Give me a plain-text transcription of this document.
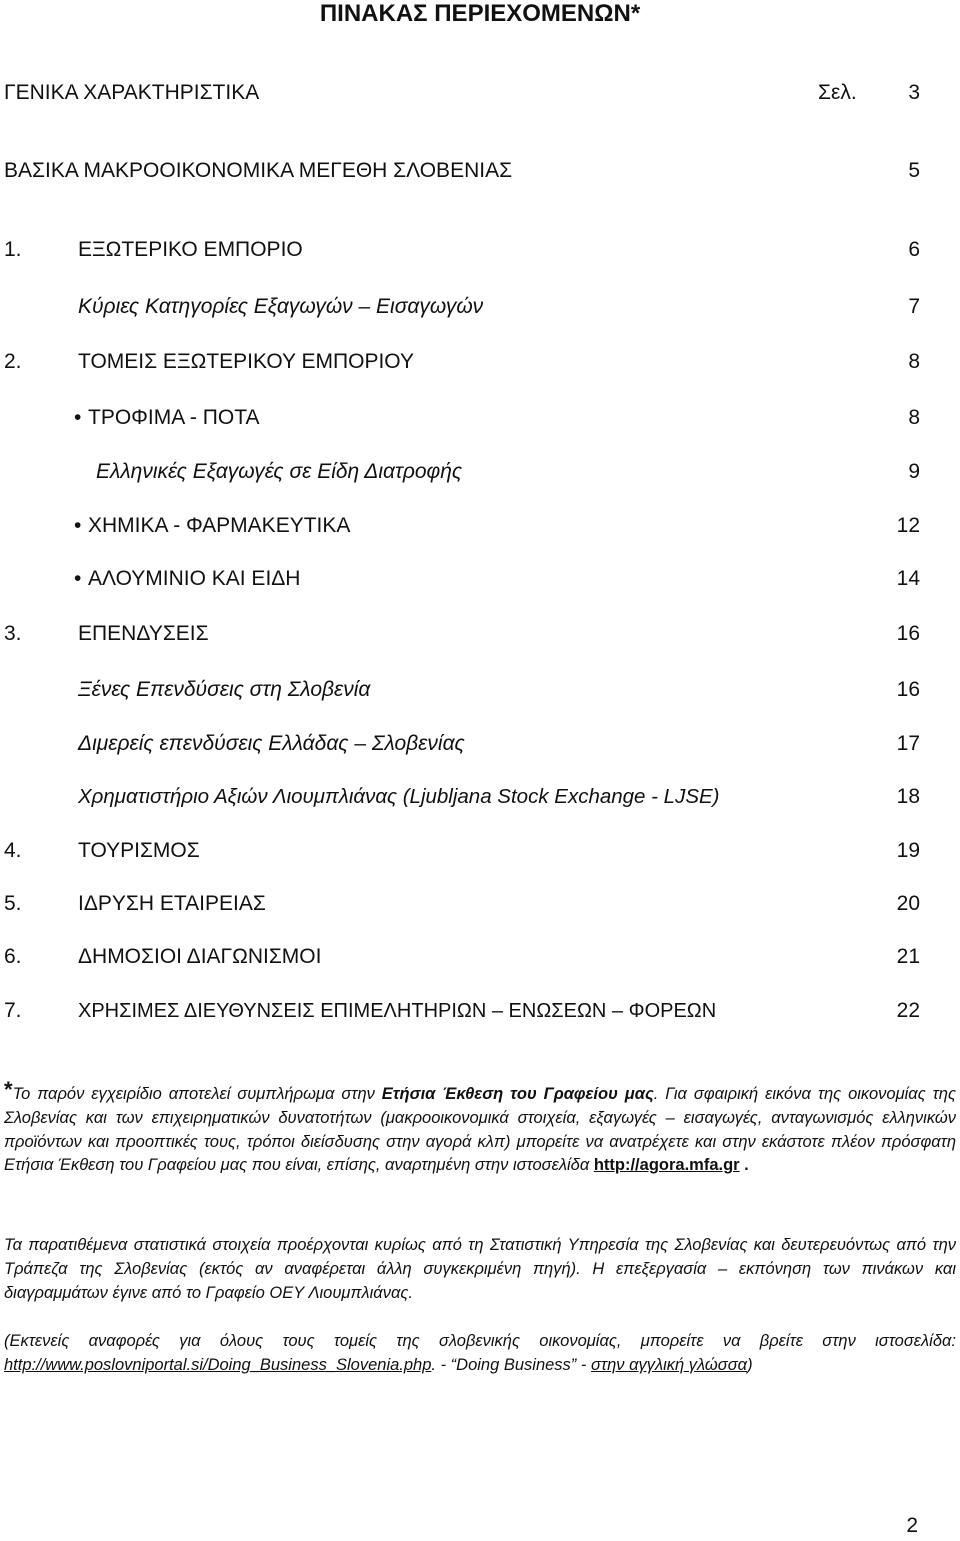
ΠΙΝΑΚΑΣ ΠΕΡΙΕΧΟΜΕΝΩΝ*
ΓΕΝΙΚΑ ΧΑΡΑΚΤΗΡΙΣΤΙΚΑ	Σελ. 3
ΒΑΣΙΚΑ ΜΑΚΡΟΟΙΚΟΝΟΜΙΚΑ ΜΕΓΕΘΗ ΣΛΟΒΕΝΙΑΣ	5
1.	ΕΞΩΤΕΡΙΚΟ ΕΜΠΟΡΙΟ	6
Κύριες Κατηγορίες Εξαγωγών – Εισαγωγών	7
2.	ΤΟΜΕΙΣ ΕΞΩΤΕΡΙΚΟΥ ΕΜΠΟΡΙΟΥ	8
• ΤΡΟΦΙΜΑ - ΠΟΤΑ	8
Ελληνικές Εξαγωγές σε Είδη Διατροφής	9
• ΧΗΜΙΚΑ - ΦΑΡΜΑΚΕΥΤΙΚΑ	12
• ΑΛΟΥΜΙΝΙΟ ΚΑΙ ΕΙΔΗ	14
3.	ΕΠΕΝΔΥΣΕΙΣ	16
Ξένες Επενδύσεις στη Σλοβενία	16
Διμερείς επενδύσεις Ελλάδας – Σλοβενίας	17
Χρηματιστήριο Αξιών Λιουμπλιάνας (Ljubljana Stock Exchange - LJSE)	18
4.	ΤΟΥΡΙΣΜΟΣ	19
5.	ΙΔΡΥΣΗ ΕΤΑΙΡΕΙΑΣ	20
6.	ΔΗΜΟΣΙΟΙ ΔΙΑΓΩΝΙΣΜΟΙ	21
7.	ΧΡΗΣΙΜΕΣ ΔΙΕΥΘΥΝΣΕΙΣ ΕΠΙΜΕΛΗΤΗΡΙΩΝ – ΕΝΩΣΕΩΝ – ΦΟΡΕΩΝ	22

*Το παρόν εγχειρίδιο αποτελεί συμπλήρωμα στην Ετήσια Έκθεση του Γραφείου μας. Για σφαιρική εικόνα της οικονομίας της Σλοβενίας και των επιχειρηματικών δυνατοτήτων (μακροοικονομικά στοιχεία, εξαγωγές – εισαγωγές, ανταγωνισμός ελληνικών προϊόντων και προοπτικές τους, τρόποι διείσδυσης στην αγορά κλπ) μπορείτε να ανατρέχετε και στην εκάστοτε πλέον πρόσφατη Ετήσια Έκθεση του Γραφείου μας που είναι, επίσης, αναρτημένη στην ιστοσελίδα http://agora.mfa.gr .

Τα παρατιθέμενα στατιστικά στοιχεία προέρχονται κυρίως από τη Στατιστική Υπηρεσία της Σλοβενίας και δευτερευόντως από την Τράπεζα της Σλοβενίας (εκτός αν αναφέρεται άλλη συγκεκριμένη πηγή). Η επεξεργασία – εκπόνηση των πινάκων και διαγραμμάτων έγινε από το Γραφείο ΟΕΥ Λιουμπλιάνας.

(Εκτενείς αναφορές για όλους τους τομείς της σλοβενικής οικονομίας, μπορείτε να βρείτε στην ιστοσελίδα: http://www.poslovniportal.si/Doing_Business_Slovenia.php. - “Doing Business” - στην αγγλική γλώσσα)

2
